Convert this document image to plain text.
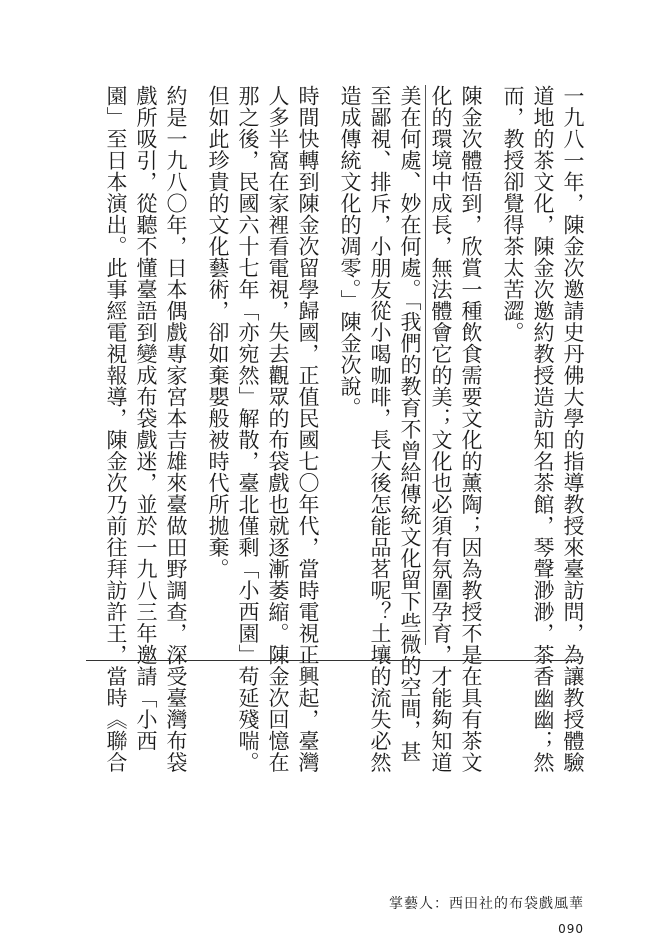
一九八一年，陳金次邀請史丹佛大學的指導教授來臺訪問，為讓教授體驗

道地的茶文化，陳金次邀約教授造訪知名茶館，琴聲渺渺，茶香幽幽；然

而，教授卻覺得茶太苦澀。

陳金次體悟到，欣賞一種飲食需要文化的薰陶；因為教授不是在具有茶文

化的環境中成長，無法體會它的美；文化也必須有氛圍孕育，才能夠知道

美在何處、妙在何處。「我們的教育不曾給傳統文化留下些微的空間，甚

至鄙視、排斥，小朋友從小喝咖啡，長大後怎能品茗呢？土壤的流失必然

造成傳統文化的凋零。」陳金次說。

時間快轉到陳金次留學歸國，正值民國七〇年代，當時電視正興起，臺灣

人多半窩在家裡看電視，失去觀眾的布袋戲也就逐漸萎縮。陳金次回憶在

那之後，民國六十七年「亦宛然」解散，臺北僅剩「小西園」苟延殘喘。

但如此珍貴的文化藝術，卻如棄嬰般被時代所拋棄。

約是一九八〇年，日本偶戲專家宮本吉雄來臺做田野調查，深受臺灣布袋

戲所吸引，從聽不懂臺語到變成布袋戲迷，並於一九八三年邀請「小西

園」至日本演出。此事經電視報導，陳金次乃前往拜訪許王，當時《聯合

掌藝人：西田社的布袋戲風華
090
